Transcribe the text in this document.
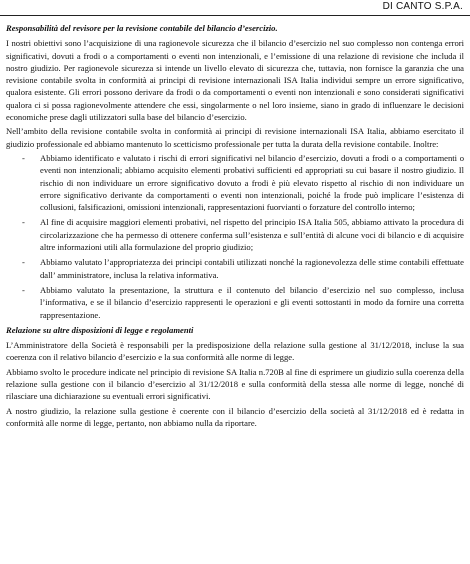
DI CANTO S.P.A.

Responsabilità del revisore per la revisione contabile del bilancio d’esercizio.

I nostri obiettivi sono l’acquisizione di una ragionevole sicurezza che il bilancio d’esercizio nel suo complesso non contenga errori significativi, dovuti a frodi o a comportamenti o eventi non intenzionali, e l’emissione di una relazione di revisione che includa il nostro giudizio. Per ragionevole sicurezza si intende un livello elevato di sicurezza che, tuttavia, non fornisce la garanzia che una revisione contabile svolta in conformità ai principi di revisione internazionali ISA Italia individui sempre un errore significativo, qualora esistente. Gli errori possono derivare da frodi o da comportamenti o eventi non intenzionali e sono considerati significativi qualora ci si possa ragionevolmente attendere che essi, singolarmente o nel loro insieme, siano in grado di influenzare le decisioni economiche prese dagli utilizzatori sulla base del bilancio d’esercizio.

Nell’ambito della revisione contabile svolta in conformità ai principi di revisione internazionali ISA Italia, abbiamo esercitato il giudizio professionale ed abbiamo mantenuto lo scetticismo professionale per tutta la durata della revisione contabile. Inoltre:

- Abbiamo identificato e valutato i rischi di errori significativi nel bilancio d’esercizio, dovuti a frodi o a comportamenti o eventi non intenzionali; abbiamo acquisito elementi probativi sufficienti ed appropriati su cui basare il nostro giudizio. Il rischio di non individuare un errore significativo dovuto a frodi è più elevato rispetto al rischio di non individuare un errore significativo derivante da comportamenti o eventi non intenzionali, poiché la frode può implicare l’esistenza di collusioni, falsificazioni, omissioni intenzionali, rappresentazioni fuorvianti o forzature del controllo interno;
- Al fine di acquisire maggiori elementi probativi, nel rispetto del principio ISA Italia 505, abbiamo attivato la procedura di circolarizzazione che ha permesso di ottenere conferma sull’esistenza e sull’entità di alcune voci di bilancio e di acquisire altre informazioni utili alla formulazione del proprio giudizio;
- Abbiamo valutato l’appropriatezza dei principi contabili utilizzati nonché la ragionevolezza delle stime contabili effettuate dall’ amministratore, inclusa la relativa informativa.
- Abbiamo valutato la presentazione, la struttura e il contenuto del bilancio d’esercizio nel suo complesso, inclusa l’informativa, e se il bilancio d’esercizio rappresenti le operazioni e gli eventi sottostanti in modo da fornire una corretta rappresentazione.

Relazione su altre disposizioni di legge e regolamenti

L’Amministratore della Società è responsabili per la predisposizione della relazione sulla gestione al 31/12/2018, incluse la sua coerenza con il relativo bilancio d’esercizio e la sua conformità alle norme di legge.

Abbiamo svolto le procedure indicate nel principio di revisione SA Italia n.720B al fine di esprimere un giudizio sulla coerenza della relazione sulla gestione con il bilancio d’esercizio al 31/12/2018 e sulla conformità della stessa alle norme di legge, nonché di rilasciare una dichiarazione su eventuali errori significativi.

A nostro giudizio, la relazione sulla gestione è coerente con il bilancio d’esercizio della società al 31/12/2018 ed è redatta in conformità alle norme di legge, pertanto, non abbiamo nulla da riportare.
